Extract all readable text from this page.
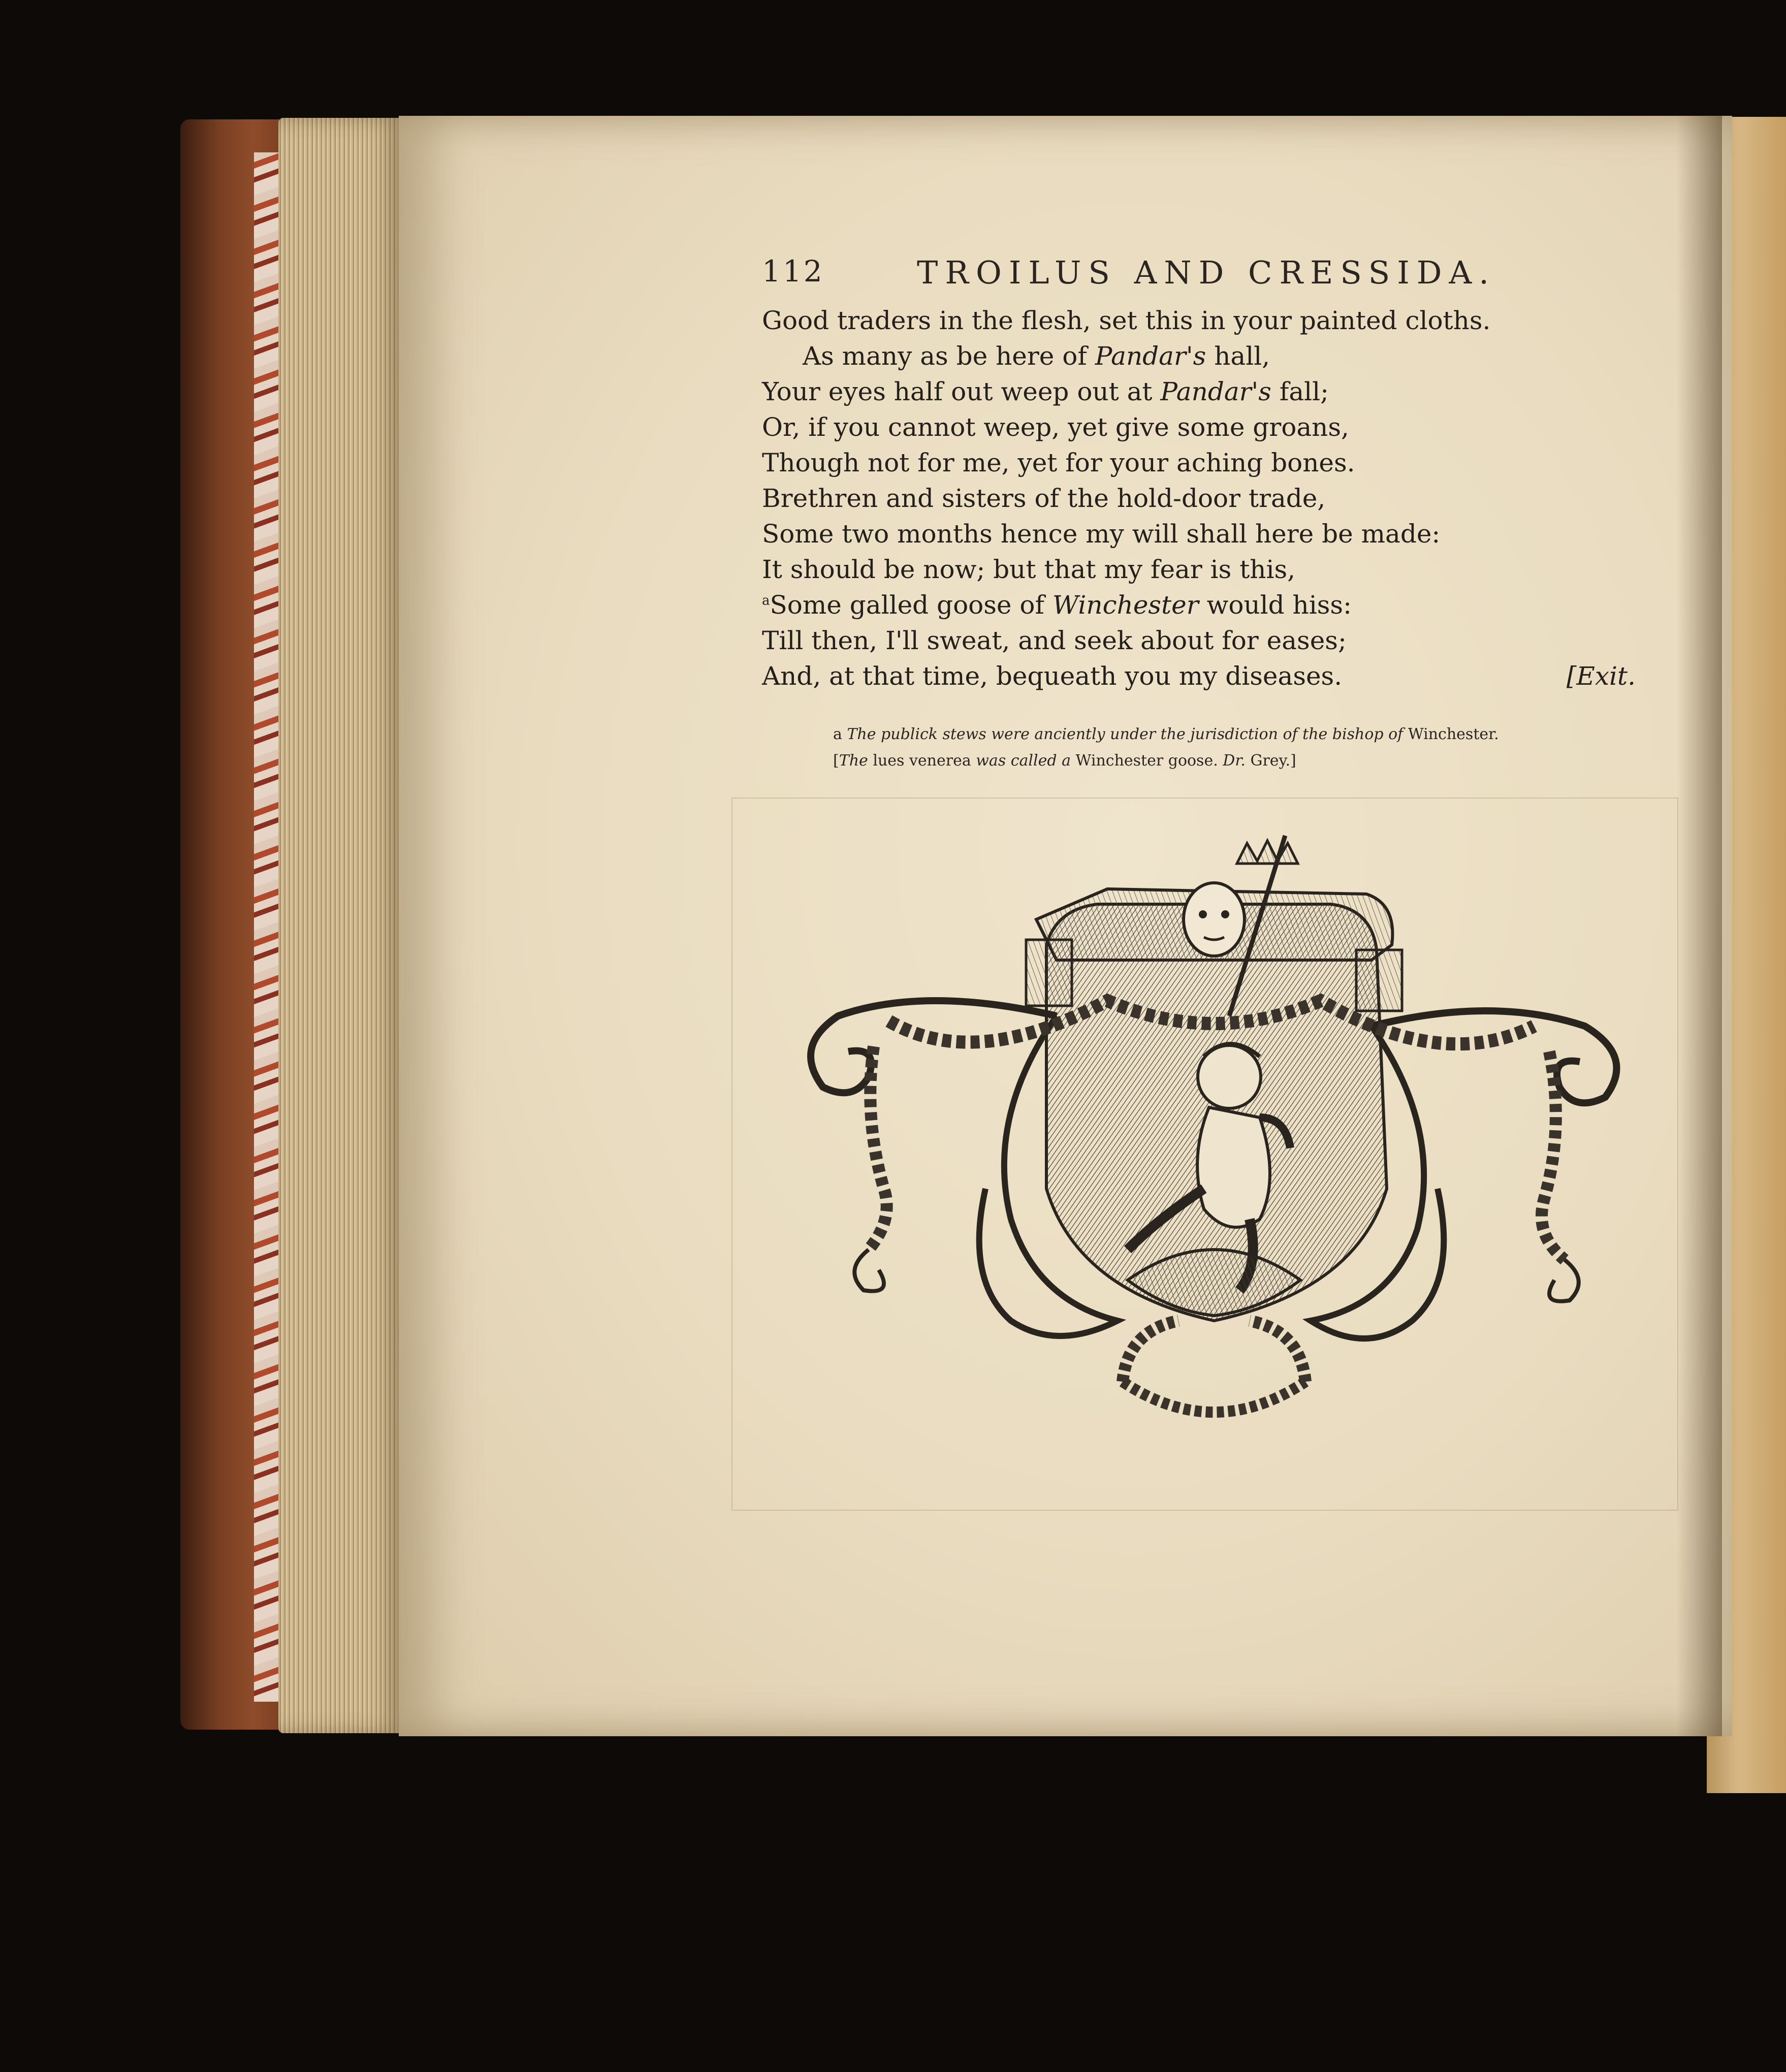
112	TROILUS AND CRESSIDA.
Good traders in the flesh, set this in your painted cloths.
As many as be here of Pandar's hall,
Your eyes half out weep out at Pandar's fall;
Or, if you cannot weep, yet give some groans,
Though not for me, yet for your aching bones.
Brethren and sisters of the hold-door trade,
Some two months hence my will shall here be made:
It should be now; but that my fear is this,
$^a$Some galled goose of Winchester would hiss:
Till then, I'll sweat, and seek about for eases;
And, at that time, bequeath you my diseases.	[Exit.
a The publick stews were anciently under the jurisdiction of the bishop of Winchester.
[The lues venerea was called a Winchester goose. Dr. Grey.]
